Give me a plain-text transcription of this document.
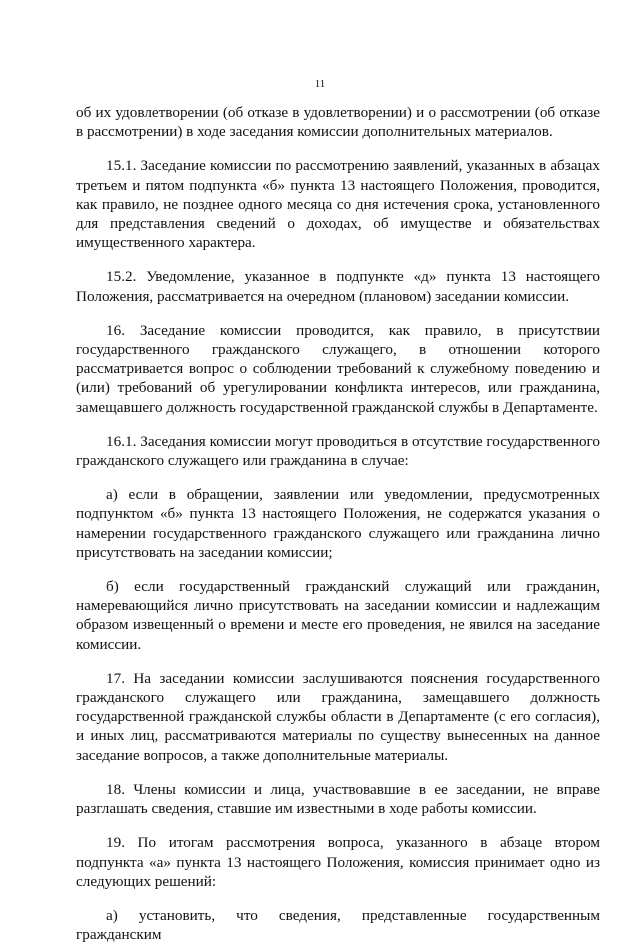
11

об их удовлетворении (об отказе в удовлетворении) и о рассмотрении (об отказе в рассмотрении) в ходе заседания комиссии дополнительных материалов.

15.1. Заседание комиссии по рассмотрению заявлений, указанных в абзацах третьем и пятом подпункта «б» пункта 13 настоящего Положения, проводится, как правило, не позднее одного месяца со дня истечения срока, установленного для представления сведений о доходах, об имуществе и обязательствах имущественного характера.

15.2. Уведомление, указанное в подпункте «д» пункта 13 настоящего Положения, рассматривается на очередном (плановом) заседании комиссии.

16. Заседание комиссии проводится, как правило, в присутствии государственного гражданского служащего, в отношении которого рассматривается вопрос о соблюдении требований к служебному поведению и (или) требований об урегулировании конфликта интересов, или гражданина, замещавшего должность государственной гражданской службы в Департаменте.

16.1. Заседания комиссии могут проводиться в отсутствие государственного гражданского служащего или гражданина в случае:

а) если в обращении, заявлении или уведомлении, предусмотренных подпунктом «б» пункта 13 настоящего Положения, не содержатся указания о намерении государственного гражданского служащего или гражданина лично присутствовать на заседании комиссии;

б) если государственный гражданский служащий или гражданин, намеревающийся лично присутствовать на заседании комиссии и надлежащим образом извещенный о времени и месте его проведения, не явился на заседание комиссии.

17. На заседании комиссии заслушиваются пояснения государственного гражданского служащего или гражданина, замещавшего должность государственной гражданской службы области в Департаменте (с его согласия), и иных лиц, рассматриваются материалы по существу вынесенных на данное заседание вопросов, а также дополнительные материалы.

18. Члены комиссии и лица, участвовавшие в ее заседании, не вправе разглашать сведения, ставшие им известными в ходе работы комиссии.

19. По итогам рассмотрения вопроса, указанного в абзаце втором подпункта «а» пункта 13 настоящего Положения, комиссия принимает одно из следующих решений:

а) установить, что сведения, представленные государственным гражданским
